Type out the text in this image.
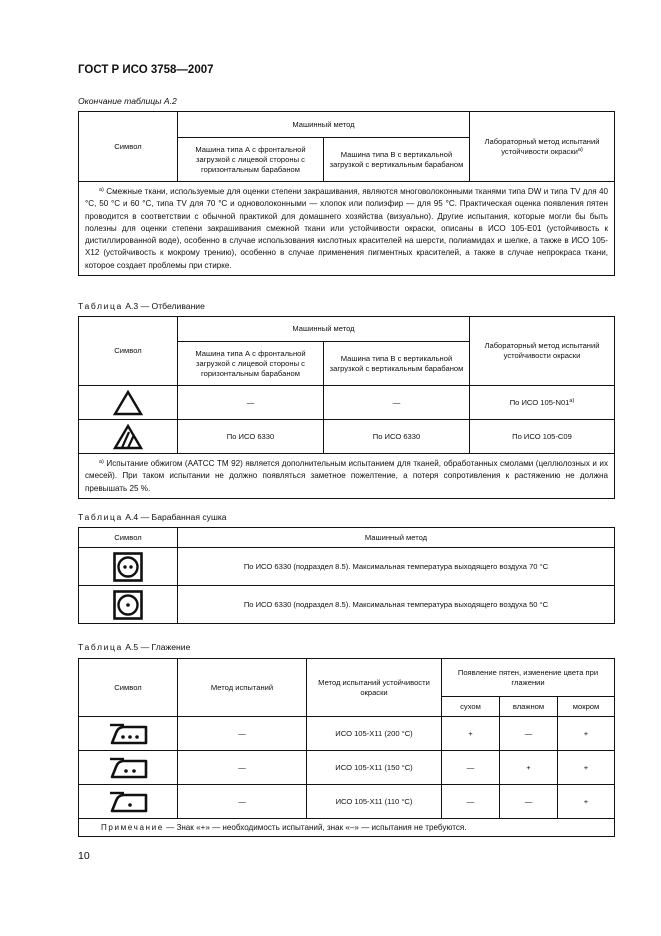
ГОСТ Р ИСО 3758—2007
Окончание таблицы А.2
Символ	Машинный метод		Лабораторный метод испытаний устойчивости окраски$^{а)}$
	Машина типа А с фронтальной загрузкой с лицевой стороны с горизонтальным барабаном	Машина типа В с вертикальной загрузкой с вертикальным барабаном	
$^{а)}$ Смежные ткани, используемые для оценки степени закрашивания, являются многоволоконными тканями типа DW и типа TV для 40 °С, 50 °С и 60 °С, типа TV для 70 °С и одноволоконными — хлопок или полиэфир — для 95 °С. Практическая оценка появления пятен проводится в соответствии с обычной практикой для домашнего хозяйства (визуально). Другие испытания, которые могли бы быть полезны для оценки степени закрашивания смежной ткани или устойчивости окраски, описаны в ИСО 105-Е01 (устойчивость к дистиллированной воде), особенно в случае использования кислотных красителей на шерсти, полиамидах и шелке, а также в ИСО 105-Х12 (устойчивость к мокрому трению), особенно в случае применения пигментных красителей, а также в случае непрокраса ткани, которое создает проблемы при стирке.			
Таблица А.3 — Отбеливание
Символ	Машинный метод		Лабораторный метод испытаний устойчивости окраски
	Машина типа А с фронтальной загрузкой с лицевой стороны с горизонтальным барабаном	Машина типа В с вертикальной загрузкой с вертикальным барабаном	

	—	—	По ИСО $105-N01^{а)}$

	По ИСО 6330	По ИСО 6330	По ИСО 105-С09
$^{а)}$ Испытание обжигом (ААТСС ТМ 92) является дополнительным испытанием для тканей, обработанных смолами (целлюлозных и их смесей). При таком испытании не должно появляться заметное пожелтение, а потеря сопротивления к растяжению не должна превышать 25 %.			
Таблица А.4 — Барабанная сушка
Символ	Машинный метод

	По ИСО 6330 (подраздел 8.5). Максимальная температура выходящего воздуха 70 °С

	По ИСО 6330 (подраздел 8.5). Максимальная температура выходящего воздуха 50 °С
Таблица А.5 — Глажение
Символ	Метод испытаний	Метод испытаний устойчивости окраски	Появление пятен, изменение цвета при глажении		
			сухом	влажном	мокром

	—	ИСО 105-Х11 (200 °С)	+	—	+

	—	ИСО 105-Х11 (150 °С)	—	+	+

	—	ИСО 105-Х11 (110 °С)	—	—	+
Примечание — Знак «+» — необходимость испытаний, знак «–» — испытания не требуются.					
10
